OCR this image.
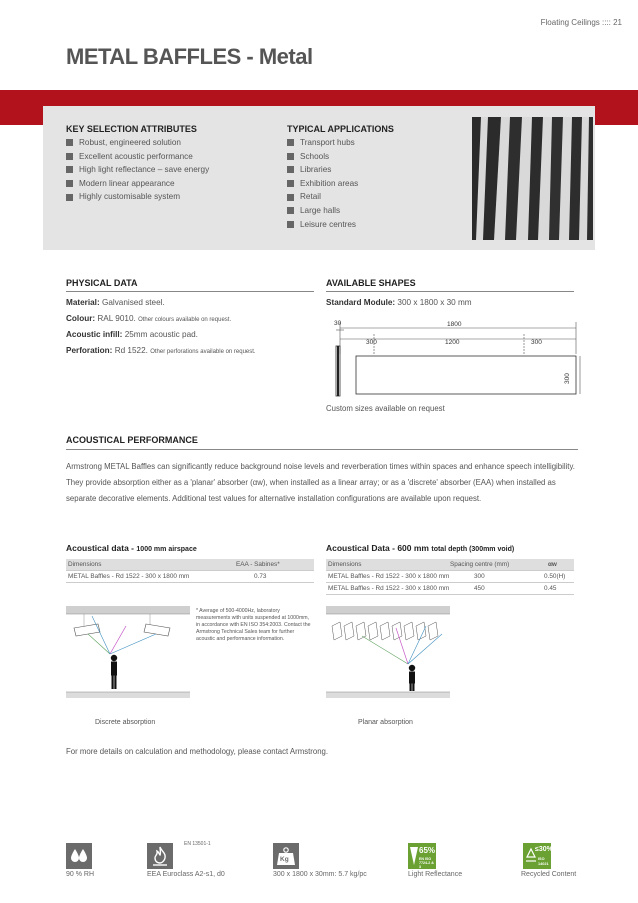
Floating Ceilings :::: 21
METAL BAFFLES - Metal
KEY SELECTION ATTRIBUTES
Robust, engineered solution
Excellent acoustic performance
High light reflectance – save energy
Modern linear appearance
Highly customisable system
TYPICAL APPLICATIONS
Transport hubs
Schools
Libraries
Exhibition areas
Retail
Large halls
Leisure centres
PHYSICAL DATA
Material: Galvanised steel.
Colour: RAL 9010. Other colours available on request.
Acoustic infill: 25mm acoustic pad.
Perforation: Rd 1522. Other perforations available on request.
AVAILABLE SHAPES
Standard Module: 300 x 1800 x 30 mm
30	1800
300	1200	300
300
Custom sizes available on request
ACOUSTICAL PERFORMANCE

Armstrong METAL Baffles can significantly reduce background noise levels and reverberation times within spaces and enhance speech intelligibility. They provide absorption either as a 'planar' absorber (αw), when installed as a linear array; or as a 'discrete' absorber (EAA) when installed as separate decorative elements. Additional test values for alternative installation configurations are available upon request.

Acoustical data - 1000 mm airspace
Dimensions	EAA - Sabines*
METAL Baffles - Rd 1522 - 300 x 1800 mm	0.73
Acoustical Data - 600 mm total depth (300mm void)
Dimensions	Spacing centre (mm)	αw
METAL Baffles - Rd 1522 - 300 x 1800 mm	300	0.50(H)
METAL Baffles - Rd 1522 - 300 x 1800 mm	450	0.45
Discrete absorption
* Average of 500-4000Hz, laboratory measurements with units suspended at 1000mm, in accordance with EN ISO 354:2003. Contact the Armstrong Technical Sales team for further acoustic and performance information.
Planar absorption
For more details on calculation and methodology, please contact Armstrong.
EN 13501-1
90 % RH	EEA Euroclass A2-s1, d0
Kg
300 x 1800 x 30mm: 5.7 kg/pc
65%
EN ISO 7724-2 & 3
Light Reflectance
≤30%
ISO 14021
Recycled Content
